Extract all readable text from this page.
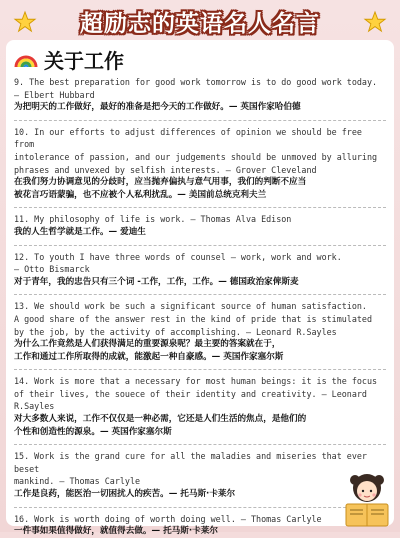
超励志的英语名人名言
关于工作
9. The best preparation for good work tomorrow is to do good work today.
— Elbert Hubbard
为把明天的工作做好，最好的准备是把今天的工作做好。— 英国作家哈伯德
10. In our efforts to adjust differences of opinion we should be free from
intolerance of passion, and our judgements should be unmoved by alluring
phrases and unvexed by selfish interests. — Grover Cleveland
在我们努力协调意见的分歧时，应当抛弃偏执与意气用事，我们的判断不应当
被花言巧语蒙骗，也不应被个人私利扰乱。— 美国前总统克利夫兰
11. My philosophy of life is work. — Thomas Alva Edison
我的人生哲学就是工作。— 爱迪生
12. To youth I have three words of counsel — work, work and work.
— Otto Bismarck
对于青年，我的忠告只有三个词 -工作，工作，工作。— 德国政治家俾斯麦
13. We should work be such a significant source of human satisfaction.
A good share of the answer rest in the kind of pride that is stimulated
by the job, by the activity of accomplishing. — Leonard R.Sayles
为什么工作竟然是人们获得满足的重要源泉呢？最主要的答案就在于，
工作和通过工作所取得的成就，能激起一种自豪感。— 英国作家塞尔斯
14. Work is more that a necessary for most human beings: it is the focus
of their lives, the souece of their identity and creativity. — Leonard R.Sayles
对大多数人来说，工作不仅仅是一种必需，它还是人们生活的焦点，是他们的
个性和创造性的源泉。— 英国作家塞尔斯
15. Work is the grand cure for all the maladies and miseries that ever beset
mankind. — Thomas Carlyle
工作是良药，能医治一切困扰人的疾苦。— 托马斯·卡莱尔
16. Work is worth doing of worth doing well. — Thomas Carlyle
一件事如果值得做好，就值得去做。— 托马斯·卡莱尔
